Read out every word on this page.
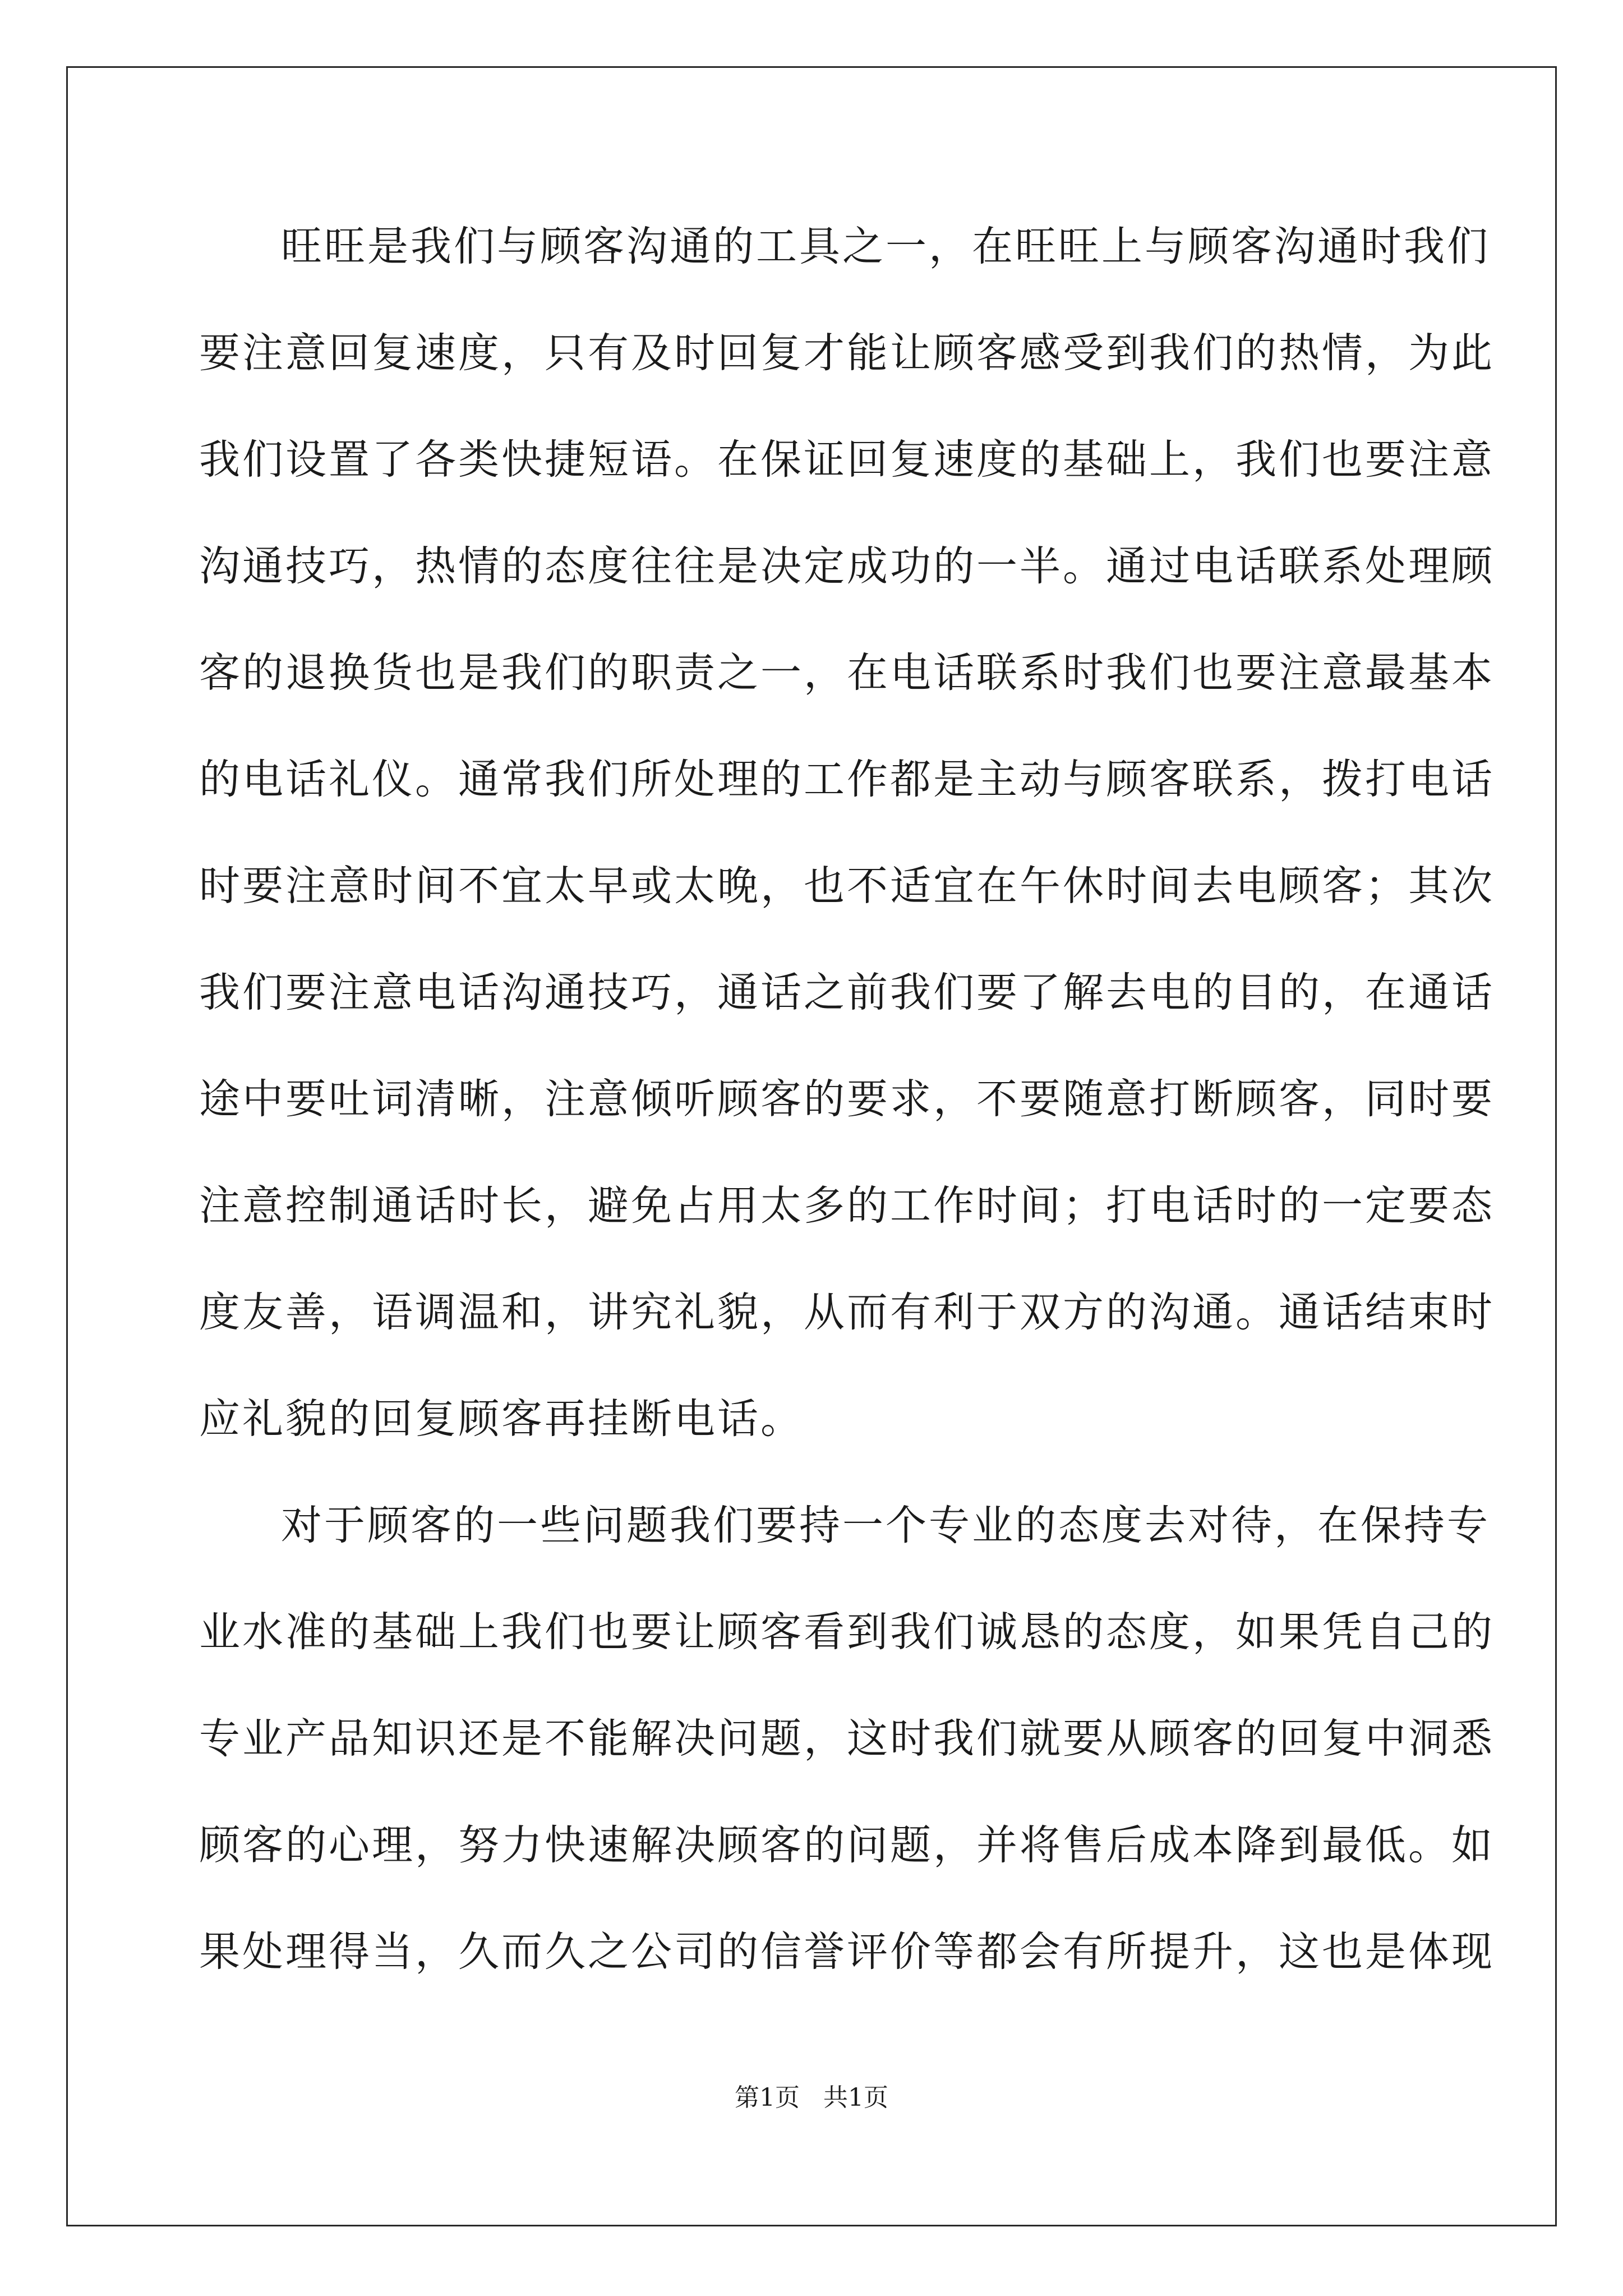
旺旺是我们与顾客沟通的工具之一，在旺旺上与顾客沟通时我们
要注意回复速度，只有及时回复才能让顾客感受到我们的热情，为此
我们设置了各类快捷短语。在保证回复速度的基础上，我们也要注意
沟通技巧，热情的态度往往是决定成功的一半。通过电话联系处理顾
客的退换货也是我们的职责之一，在电话联系时我们也要注意最基本
的电话礼仪。通常我们所处理的工作都是主动与顾客联系，拨打电话
时要注意时间不宜太早或太晚，也不适宜在午休时间去电顾客；其次
我们要注意电话沟通技巧，通话之前我们要了解去电的目的，在通话
途中要吐词清晰，注意倾听顾客的要求，不要随意打断顾客，同时要
注意控制通话时长，避免占用太多的工作时间；打电话时的一定要态
度友善，语调温和，讲究礼貌，从而有利于双方的沟通。通话结束时
应礼貌的回复顾客再挂断电话。
对于顾客的一些问题我们要持一个专业的态度去对待，在保持专
业水准的基础上我们也要让顾客看到我们诚恳的态度，如果凭自己的
专业产品知识还是不能解决问题，这时我们就要从顾客的回复中洞悉
顾客的心理，努力快速解决顾客的问题，并将售后成本降到最低。如
果处理得当，久而久之公司的信誉评价等都会有所提升，这也是体现
第1页 共1页
